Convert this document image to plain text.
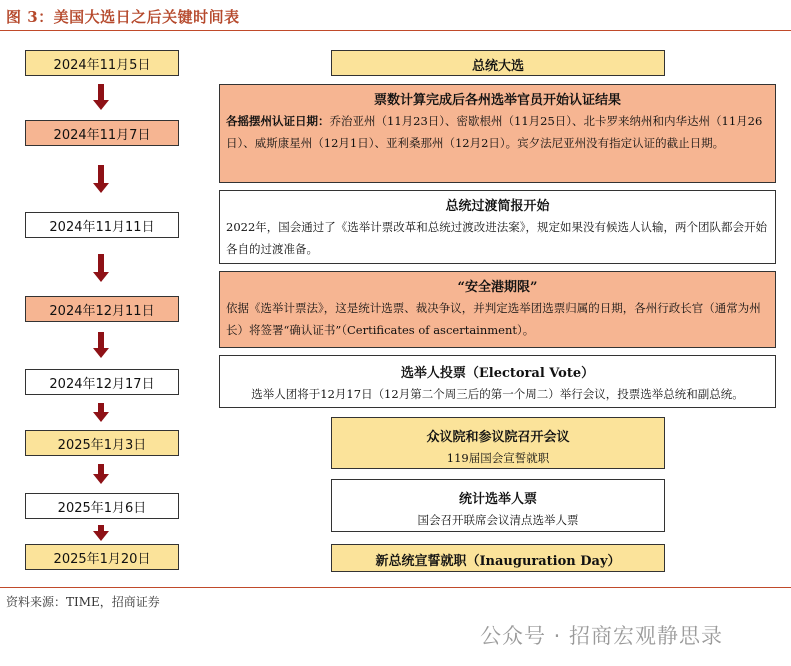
图 3：美国大选日之后关键时间表
2024年11月5日
2024年11月7日
2024年11月11日
2024年12月11日
2024年12月17日
2025年1月3日
2025年1月6日
2025年1月20日
总统大选
票数计算完成后各州选举官员开始认证结果
各摇摆州认证日期：乔治亚州（11月23日）、密歇根州（11月25日）、北卡罗来纳州和内华达州（11月26日）、威斯康星州（12月1日）、亚利桑那州（12月2日）。宾夕法尼亚州没有指定认证的截止日期。
总统过渡简报开始
2022年，国会通过了《选举计票改革和总统过渡改进法案》，规定如果没有候选人认输，两个团队都会开始各自的过渡准备。
“安全港期限”
依据《选举计票法》，这是统计选票、裁决争议，并判定选举团选票归属的日期，各州行政长官（通常为州长）将签署“确认证书”（Certificates of ascertainment）。
选举人投票（Electoral Vote）
选举人团将于12月17日（12月第二个周三后的第一个周二）举行会议，投票选举总统和副总统。
众议院和参议院召开会议
119届国会宣誓就职
统计选举人票
国会召开联席会议清点选举人票
新总统宣誓就职（Inauguration Day）
资料来源：TIME，招商证券
公众号 · 招商宏观静思录
